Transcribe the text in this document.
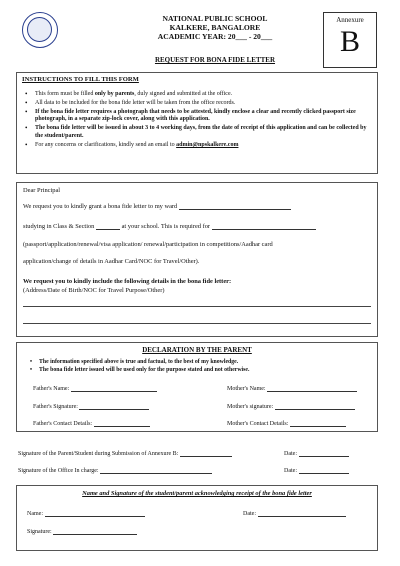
NATIONAL PUBLIC SCHOOL
KALKERE, BANGALORE
ACADEMIC YEAR: 20___ - 20___
Annexure
B
REQUEST FOR BONA FIDE LETTER
INSTRUCTIONS TO FILL THIS FORM
• This form must be filled only by parents, duly signed and submitted at the office.
• All data to be included for the bona fide letter will be taken from the office records.
• If the bona fide letter requires a photograph that needs to be attested, kindly enclose a clear and recently clicked passport size photograph, in a separate zip-lock cover, along with this application.
• The bona fide letter will be issued in about 3 to 4 working days, from the date of receipt of this application and can be collected by the student/parent.
• For any concerns or clarifications, kindly send an email to admin@npskalkere.com
Dear Principal
We request you to kindly grant a bona fide letter to my ward
studying in Class & Section	at your school. This is required for
(passport/application/renewal/visa application/ renewal/participation in competitions/Aadhar card
application/change of details in Aadhar Card/NOC for Travel/Other).
We request you to kindly include the following details in the bona fide letter:
(Address/Date of Birth/NOC for Travel Purpose/Other)
DECLARATION BY THE PARENT
• The information specified above is true and factual, to the best of my knowledge.
• The bona fide letter issued will be used only for the purpose stated and not otherwise.
Father's Name:	Mother's Name:
Father's Signature:	Mother's signature:
Father's Contact Details:	Mother's Contact Details:
Signature of the Parent/Student during Submission of Annexure B:	Date:
Signature of the Office In charge:	Date:
Name and Signature of the student/parent acknowledging receipt of the bona fide letter
Name:	Date:
Signature:
